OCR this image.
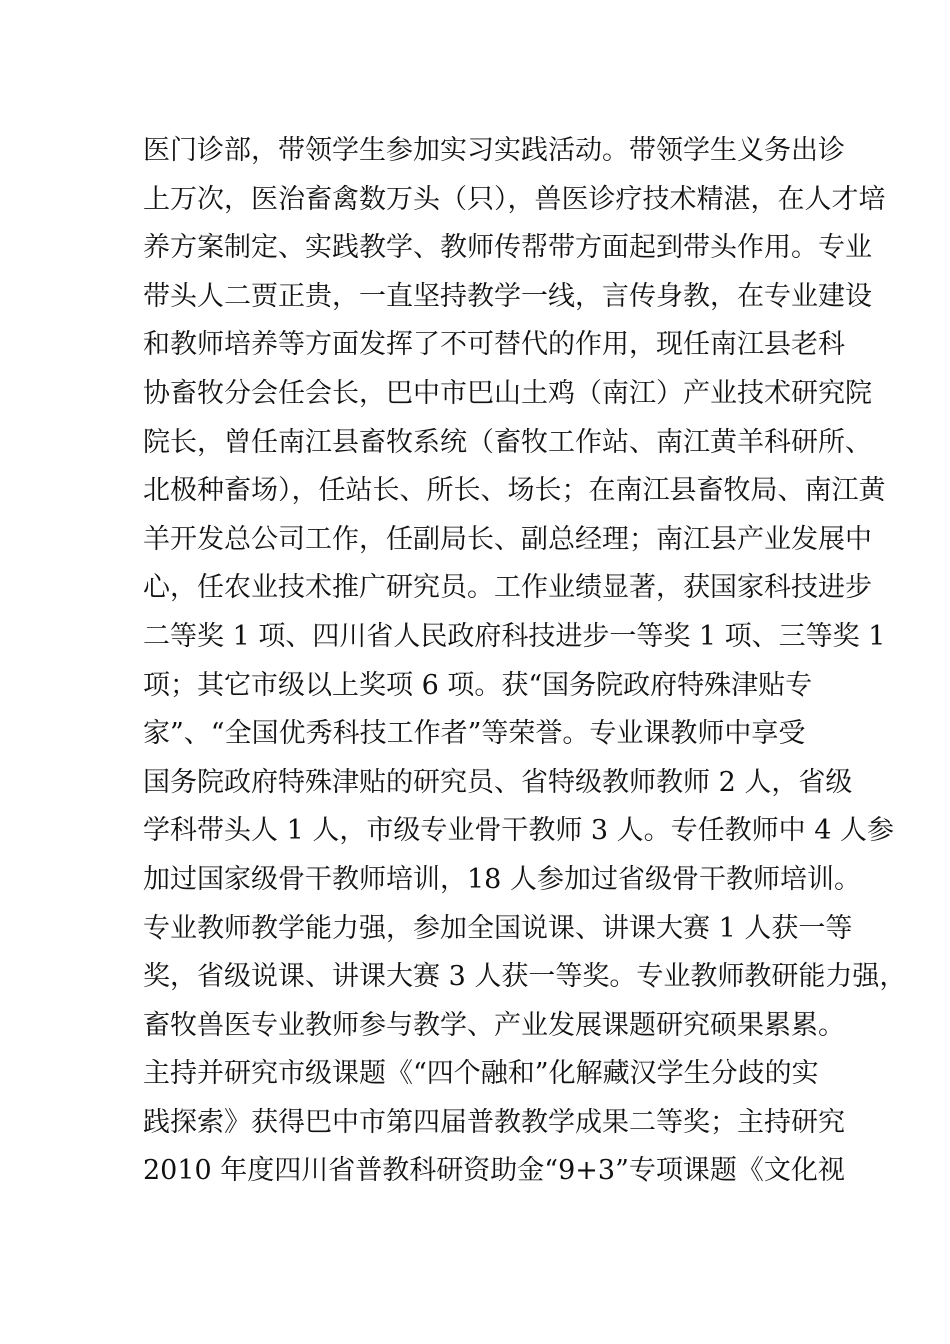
医门诊部，带领学生参加实习实践活动。带领学生义务出诊
上万次，医治畜禽数万头（只），兽医诊疗技术精湛，在人才培
养方案制定、实践教学、教师传帮带方面起到带头作用。专业
带头人二贾正贵，一直坚持教学一线，言传身教，在专业建设
和教师培养等方面发挥了不可替代的作用，现任南江县老科
协畜牧分会任会长，巴中市巴山土鸡（南江）产业技术研究院
院长，曾任南江县畜牧系统（畜牧工作站、南江黄羊科研所、
北极种畜场），任站长、所长、场长；在南江县畜牧局、南江黄
羊开发总公司工作，任副局长、副总经理；南江县产业发展中
心，任农业技术推广研究员。工作业绩显著，获国家科技进步
二等奖 1 项、四川省人民政府科技进步一等奖 1 项、三等奖 1
项；其它市级以上奖项 6 项。获“国务院政府特殊津贴专
家”、“全国优秀科技工作者”等荣誉。专业课教师中享受
国务院政府特殊津贴的研究员、省特级教师教师 2 人，省级
学科带头人 1 人，市级专业骨干教师 3 人。专任教师中 4 人参
加过国家级骨干教师培训，18 人参加过省级骨干教师培训。
专业教师教学能力强，参加全国说课、讲课大赛 1 人获一等
奖，省级说课、讲课大赛 3 人获一等奖。专业教师教研能力强，
畜牧兽医专业教师参与教学、产业发展课题研究硕果累累。
主持并研究市级课题《“四个融和”化解藏汉学生分歧的实
践探索》获得巴中市第四届普教教学成果二等奖；主持研究
2010 年度四川省普教科研资助金“9+3”专项课题《文化视
